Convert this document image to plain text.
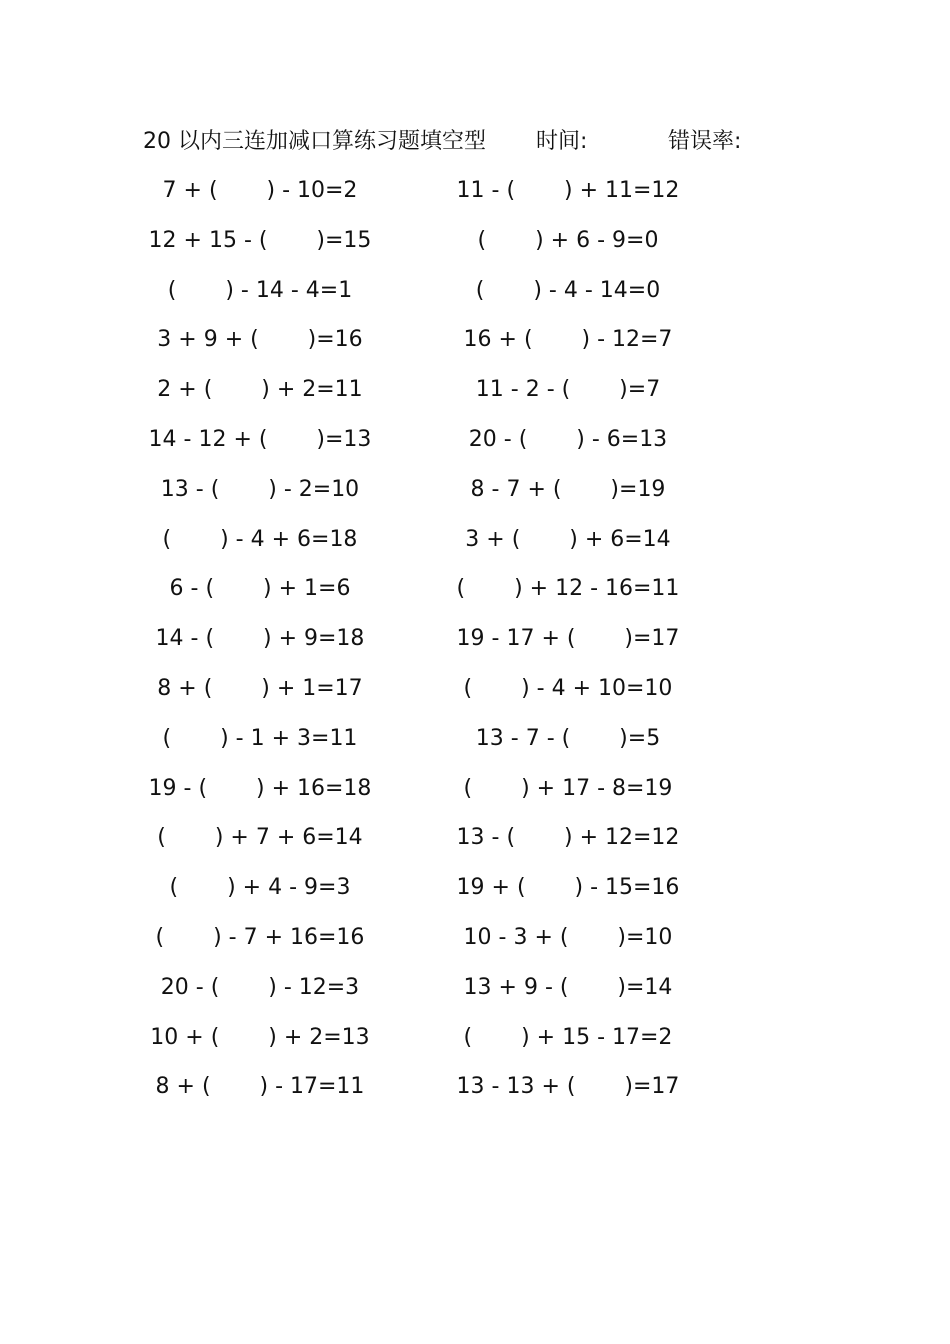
20 以内三连加减口算练习题填空型 时间:	错误率:
7 + (       ) - 10=2	11 - (       ) + 11=12
12 + 15 - (       )=15	(       ) + 6 - 9=0
(       ) - 14 - 4=1	(       ) - 4 - 14=0
3 + 9 + (       )=16	16 + (       ) - 12=7
2 + (       ) + 2=11	11 - 2 - (       )=7
14 - 12 + (       )=13	20 - (       ) - 6=13
13 - (       ) - 2=10	8 - 7 + (       )=19
(       ) - 4 + 6=18	3 + (       ) + 6=14
6 - (       ) + 1=6	(       ) + 12 - 16=11
14 - (       ) + 9=18	19 - 17 + (       )=17
8 + (       ) + 1=17	(       ) - 4 + 10=10
(       ) - 1 + 3=11	13 - 7 - (       )=5
19 - (       ) + 16=18	(       ) + 17 - 8=19
(       ) + 7 + 6=14	13 - (       ) + 12=12
(       ) + 4 - 9=3	19 + (       ) - 15=16
(       ) - 7 + 16=16	10 - 3 + (       )=10
20 - (       ) - 12=3	13 + 9 - (       )=14
10 + (       ) + 2=13	(       ) + 15 - 17=2
8 + (       ) - 17=11	13 - 13 + (       )=17
